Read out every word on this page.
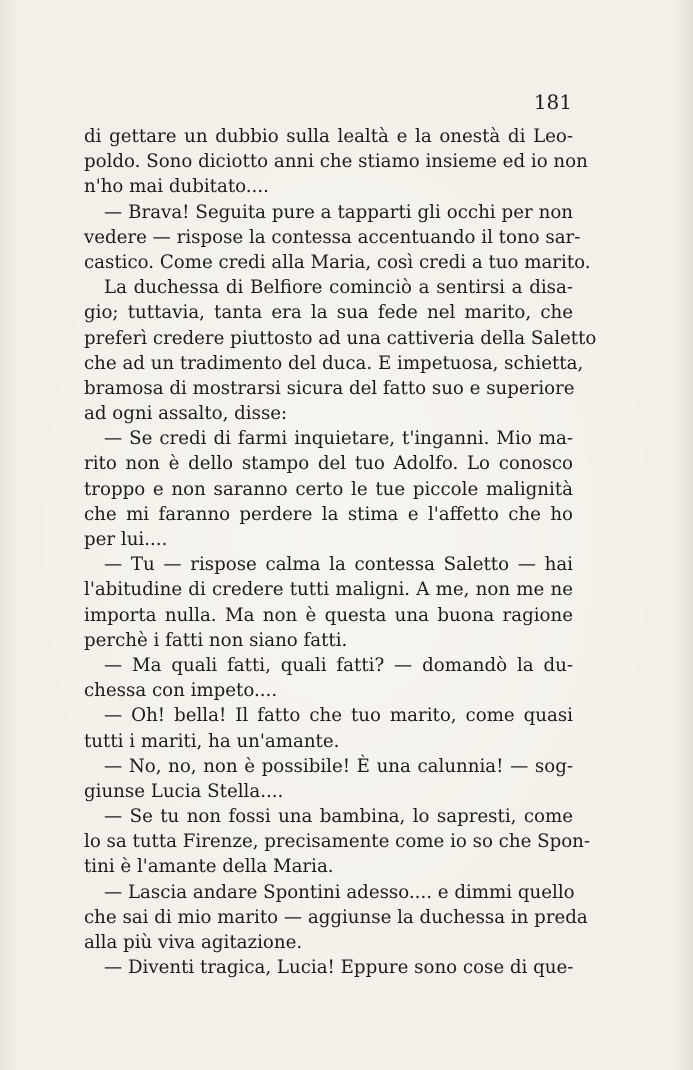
181
di gettare un dubbio sulla lealtà e la onestà di Leo-
poldo. Sono diciotto anni che stiamo insieme ed io non
n'ho mai dubitato....
— Brava! Seguita pure a tapparti gli occhi per non
vedere — rispose la contessa accentuando il tono sar-
castico. Come credi alla Maria, così credi a tuo marito.
La duchessa di Belfiore cominciò a sentirsi a disa-
gio; tuttavia, tanta era la sua fede nel marito, che
preferì credere piuttosto ad una cattiveria della Saletto
che ad un tradimento del duca. E impetuosa, schietta,
bramosa di mostrarsi sicura del fatto suo e superiore
ad ogni assalto, disse:
— Se credi di farmi inquietare, t'inganni. Mio ma-
rito non è dello stampo del tuo Adolfo. Lo conosco
troppo e non saranno certo le tue piccole malignità
che mi faranno perdere la stima e l'affetto che ho
per lui....
— Tu — rispose calma la contessa Saletto — hai
l'abitudine di credere tutti maligni. A me, non me ne
importa nulla. Ma non è questa una buona ragione
perchè i fatti non siano fatti.
— Ma quali fatti, quali fatti? — domandò la du-
chessa con impeto....
— Oh! bella! Il fatto che tuo marito, come quasi
tutti i mariti, ha un'amante.
— No, no, non è possibile! È una calunnia! — sog-
giunse Lucia Stella....
— Se tu non fossi una bambina, lo sapresti, come
lo sa tutta Firenze, precisamente come io so che Spon-
tini è l'amante della Maria.
— Lascia andare Spontini adesso.... e dimmi quello
che sai di mio marito — aggiunse la duchessa in preda
alla più viva agitazione.
— Diventi tragica, Lucia! Eppure sono cose di que-
